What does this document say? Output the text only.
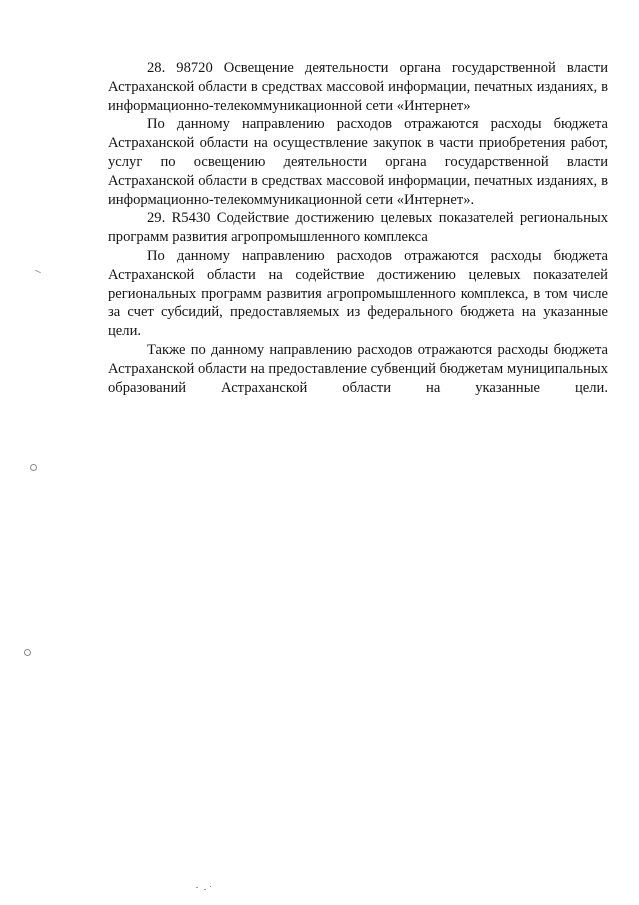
28. 98720 Освещение деятельности органа государственной власти Астраханской области в средствах массовой информации, печатных изданиях, в информационно-телекоммуникационной сети «Интернет»

По данному направлению расходов отражаются расходы бюджета Астраханской области на осуществление закупок в части приобретения работ, услуг по освещению деятельности органа государственной власти Астраханской области в средствах массовой информации, печатных изданиях, в информационно-телекоммуникационной сети «Интернет».

29. R5430 Содействие достижению целевых показателей региональных программ развития агропромышленного комплекса

По данному направлению расходов отражаются расходы бюджета Астраханской области на содействие достижению целевых показателей региональных программ развития агропромышленного комплекса, в том числе за счет субсидий, предоставляемых из федерального бюджета на указанные цели.

Также по данному направлению расходов отражаются расходы бюджета Астраханской области на предоставление субвенций бюджетам муниципальных образований Астраханской области на указанные цели.
